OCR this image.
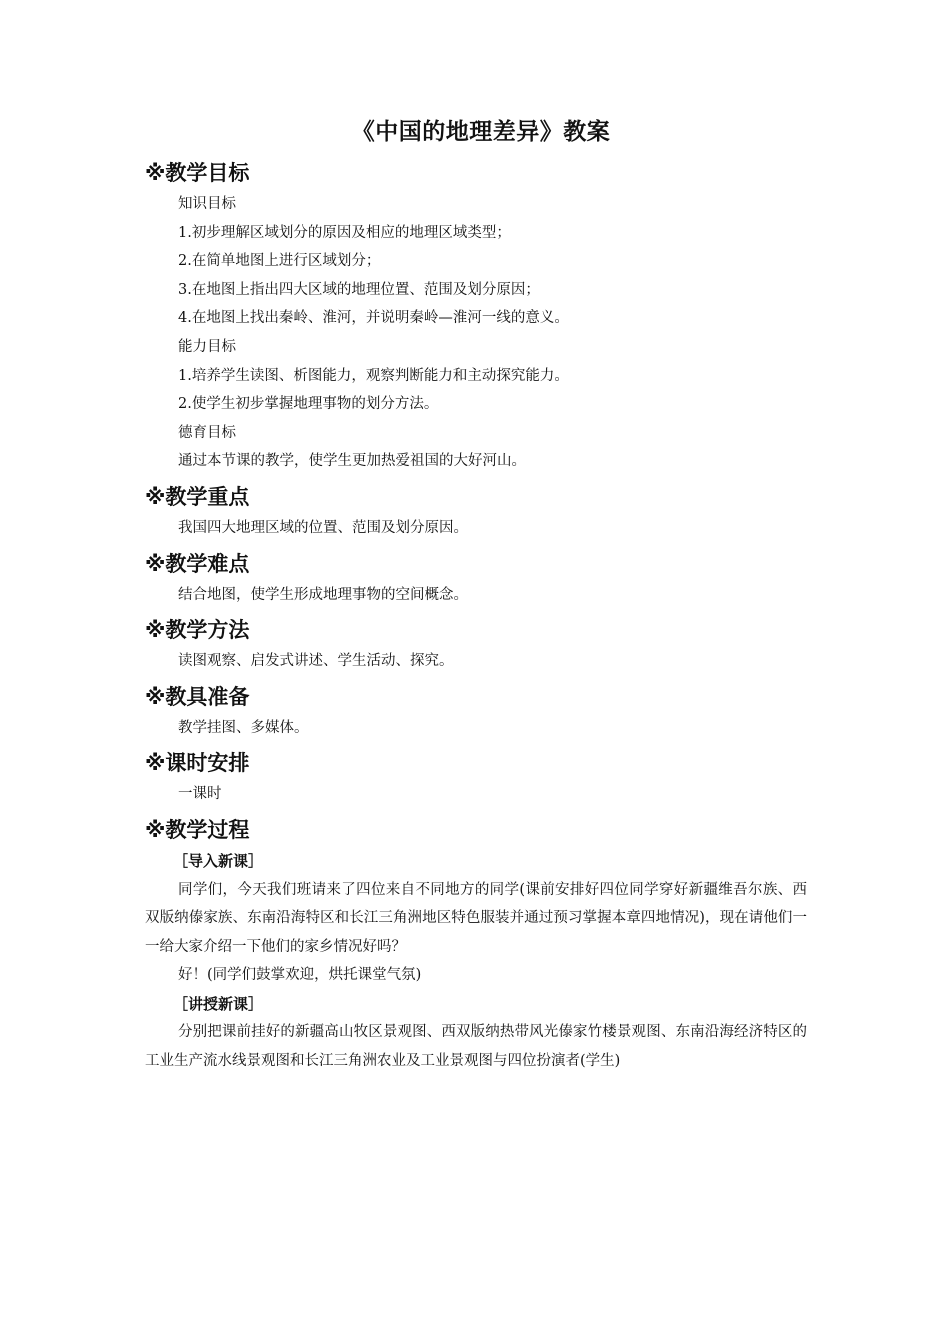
《中国的地理差异》教案
※教学目标
知识目标
1.初步理解区域划分的原因及相应的地理区域类型；
2.在简单地图上进行区域划分；
3.在地图上指出四大区域的地理位置、范围及划分原因；
4.在地图上找出秦岭、淮河，并说明秦岭—淮河一线的意义。
能力目标
1.培养学生读图、析图能力，观察判断能力和主动探究能力。
2.使学生初步掌握地理事物的划分方法。
德育目标
通过本节课的教学，使学生更加热爱祖国的大好河山。
※教学重点
我国四大地理区域的位置、范围及划分原因。
※教学难点
结合地图，使学生形成地理事物的空间概念。
※教学方法
读图观察、启发式讲述、学生活动、探究。
※教具准备
教学挂图、多媒体。
※课时安排
一课时
※教学过程
［导入新课］
同学们，今天我们班请来了四位来自不同地方的同学(课前安排好四位同学穿好新疆维吾尔族、西双版纳傣家族、东南沿海特区和长江三角洲地区特色服装并通过预习掌握本章四地情况)，现在请他们一一给大家介绍一下他们的家乡情况好吗？
好！(同学们鼓掌欢迎，烘托课堂气氛)
［讲授新课］
分别把课前挂好的新疆高山牧区景观图、西双版纳热带风光傣家竹楼景观图、东南沿海经济特区的工业生产流水线景观图和长江三角洲农业及工业景观图与四位扮演者(学生)
